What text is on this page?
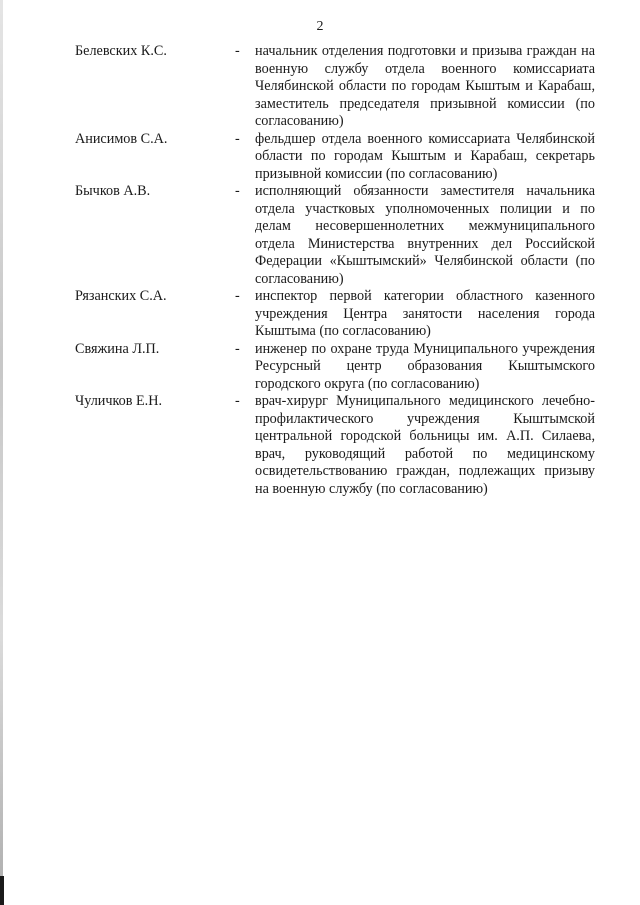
2
Белевских К.С.	-	начальник отделения подготовки и призыва граждан на военную службу отдела военного комиссариата Челябинской области по городам Кыштым и Карабаш, заместитель председателя призывной комиссии (по согласованию)
Анисимов С.А.	-	фельдшер отдела военного комиссариата Челябинской области по городам Кыштым и Карабаш, секретарь призывной комиссии (по согласованию)
Бычков А.В.	-	исполняющий обязанности заместителя начальника отдела участковых уполномоченных полиции и по делам несовершеннолетних межмуниципального отдела Министерства внутренних дел Российской Федерации «Кыштымский» Челябинской области (по согласованию)
Рязанских С.А.	-	инспектор первой категории областного казенного учреждения Центра занятости населения города Кыштыма (по согласованию)
Свяжина Л.П.	-	инженер по охране труда Муниципального учреждения Ресурсный центр образования Кыштымского городского округа (по согласованию)
Чуличков Е.Н.	-	врач-хирург Муниципального медицинского лечебно-профилактического учреждения Кыштымской центральной городской больницы им. А.П. Силаева, врач, руководящий работой по медицинскому освидетельствованию граждан, подлежащих призыву на военную службу (по согласованию)
